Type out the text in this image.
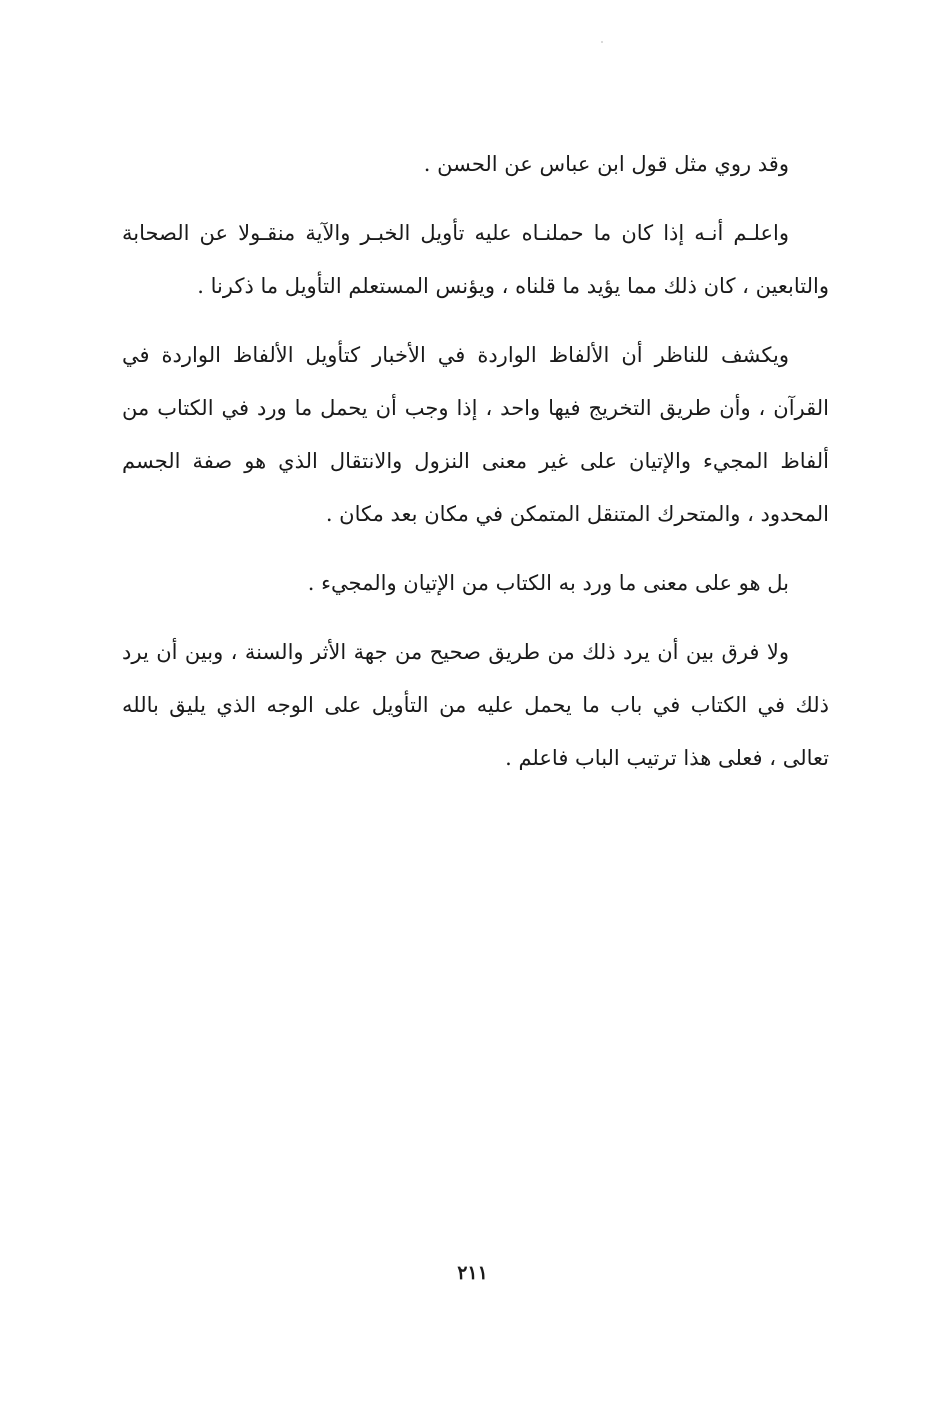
وقد روي مثل قول ابن عباس عن الحسن .

واعلـم أنـه إذا كان ما حملنـاه عليه تأويل الخبـر والآية منقـولا عن الصحابة والتابعين ، كان ذلك مما يؤيد ما قلناه ، ويؤنس المستعلم التأويل ما ذكرنا .

ويكشف للناظر أن الألفاظ الواردة في الأخبار كتأويل الألفاظ الواردة في القرآن ، وأن طريق التخريج فيها واحد ، إذا وجب أن يحمل ما ورد في الكتاب من ألفاظ المجيء والإتيان على غير معنى النزول والانتقال الذي هو صفة الجسم المحدود ، والمتحرك المتنقل المتمكن في مكان بعد مكان .

بل هو على معنى ما ورد به الكتاب من الإتيان والمجيء .

ولا فرق بين أن يرد ذلك من طريق صحيح من جهة الأثر والسنة ، وبين أن يرد ذلك في الكتاب في باب ما يحمل عليه من التأويل على الوجه الذي يليق بالله تعالى ، فعلى هذا ترتيب الباب فاعلم .

٢١١
